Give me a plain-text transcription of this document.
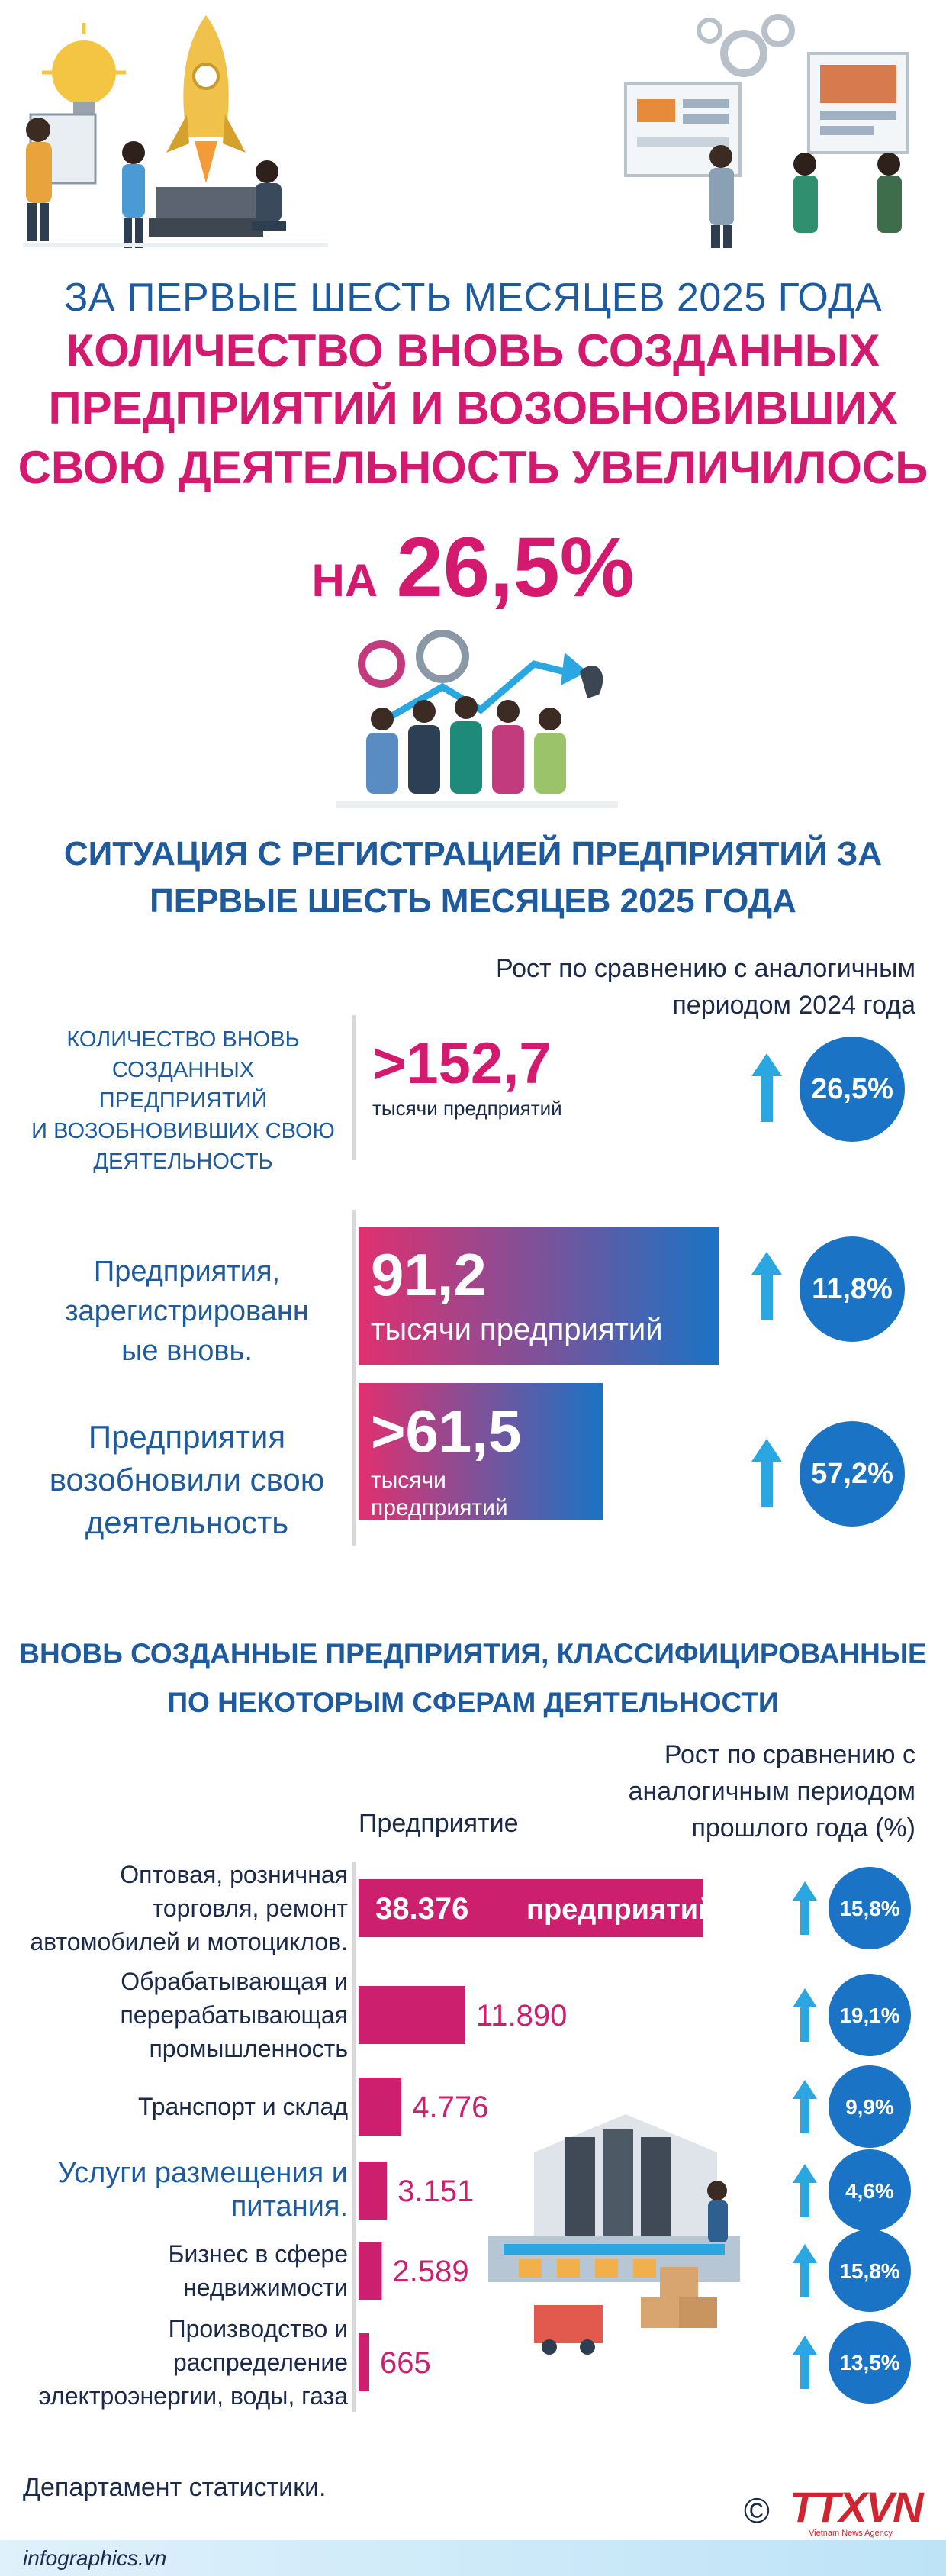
ЗА ПЕРВЫЕ ШЕСТЬ МЕСЯЦЕВ 2025 ГОДА
КОЛИЧЕСТВО ВНОВЬ СОЗДАННЫХ
ПРЕДПРИЯТИЙ И ВОЗОБНОВИВШИХ
СВОЮ ДЕЯТЕЛЬНОСТЬ УВЕЛИЧИЛОСЬ
НА 26,5%
СИТУАЦИЯ С РЕГИСТРАЦИЕЙ ПРЕДПРИЯТИЙ ЗА
ПЕРВЫЕ ШЕСТЬ МЕСЯЦЕВ 2025 ГОДА
Рост по сравнению с аналогичным
периодом 2024 года
КОЛИЧЕСТВО ВНОВЬ
СОЗДАННЫХ ПРЕДПРИЯТИЙ
И ВОЗОБНОВИВШИХ СВОЮ
ДЕЯТЕЛЬНОСТЬ
>152,7
тысячи предприятий
26,5%
Предприятия,
зарегистрированн
ые вновь.
91,2
тысячи предприятий
11,8%
Предприятия
возобновили свою
деятельность
>61,5
тысячи
предприятий
57,2%
ВНОВЬ СОЗДАННЫЕ ПРЕДПРИЯТИЯ, КЛАССИФИЦИРОВАННЫЕ
ПО НЕКОТОРЫМ СФЕРАМ ДЕЯТЕЛЬНОСТИ
Рост по сравнению с
аналогичным периодом
прошлого года (%)
Предприятие
38.376 предприятий
Оптовая, розничная
торговля, ремонт
автомобилей и мотоциклов.
15,8%
11.890
Обрабатывающая и
перерабатывающая
промышленность
19,1%
4.776
Транспорт и склад	9,9%
3.151
Услуги размещения и
питания.	4,6%
2.589
Бизнес в сфере
недвижимости
15,8%
665
Производство и
распределение
электроэнергии, воды, газа
13,5%
Департамент статистики.
© TTXVN
Vietnam News Agency
infographics.vn
